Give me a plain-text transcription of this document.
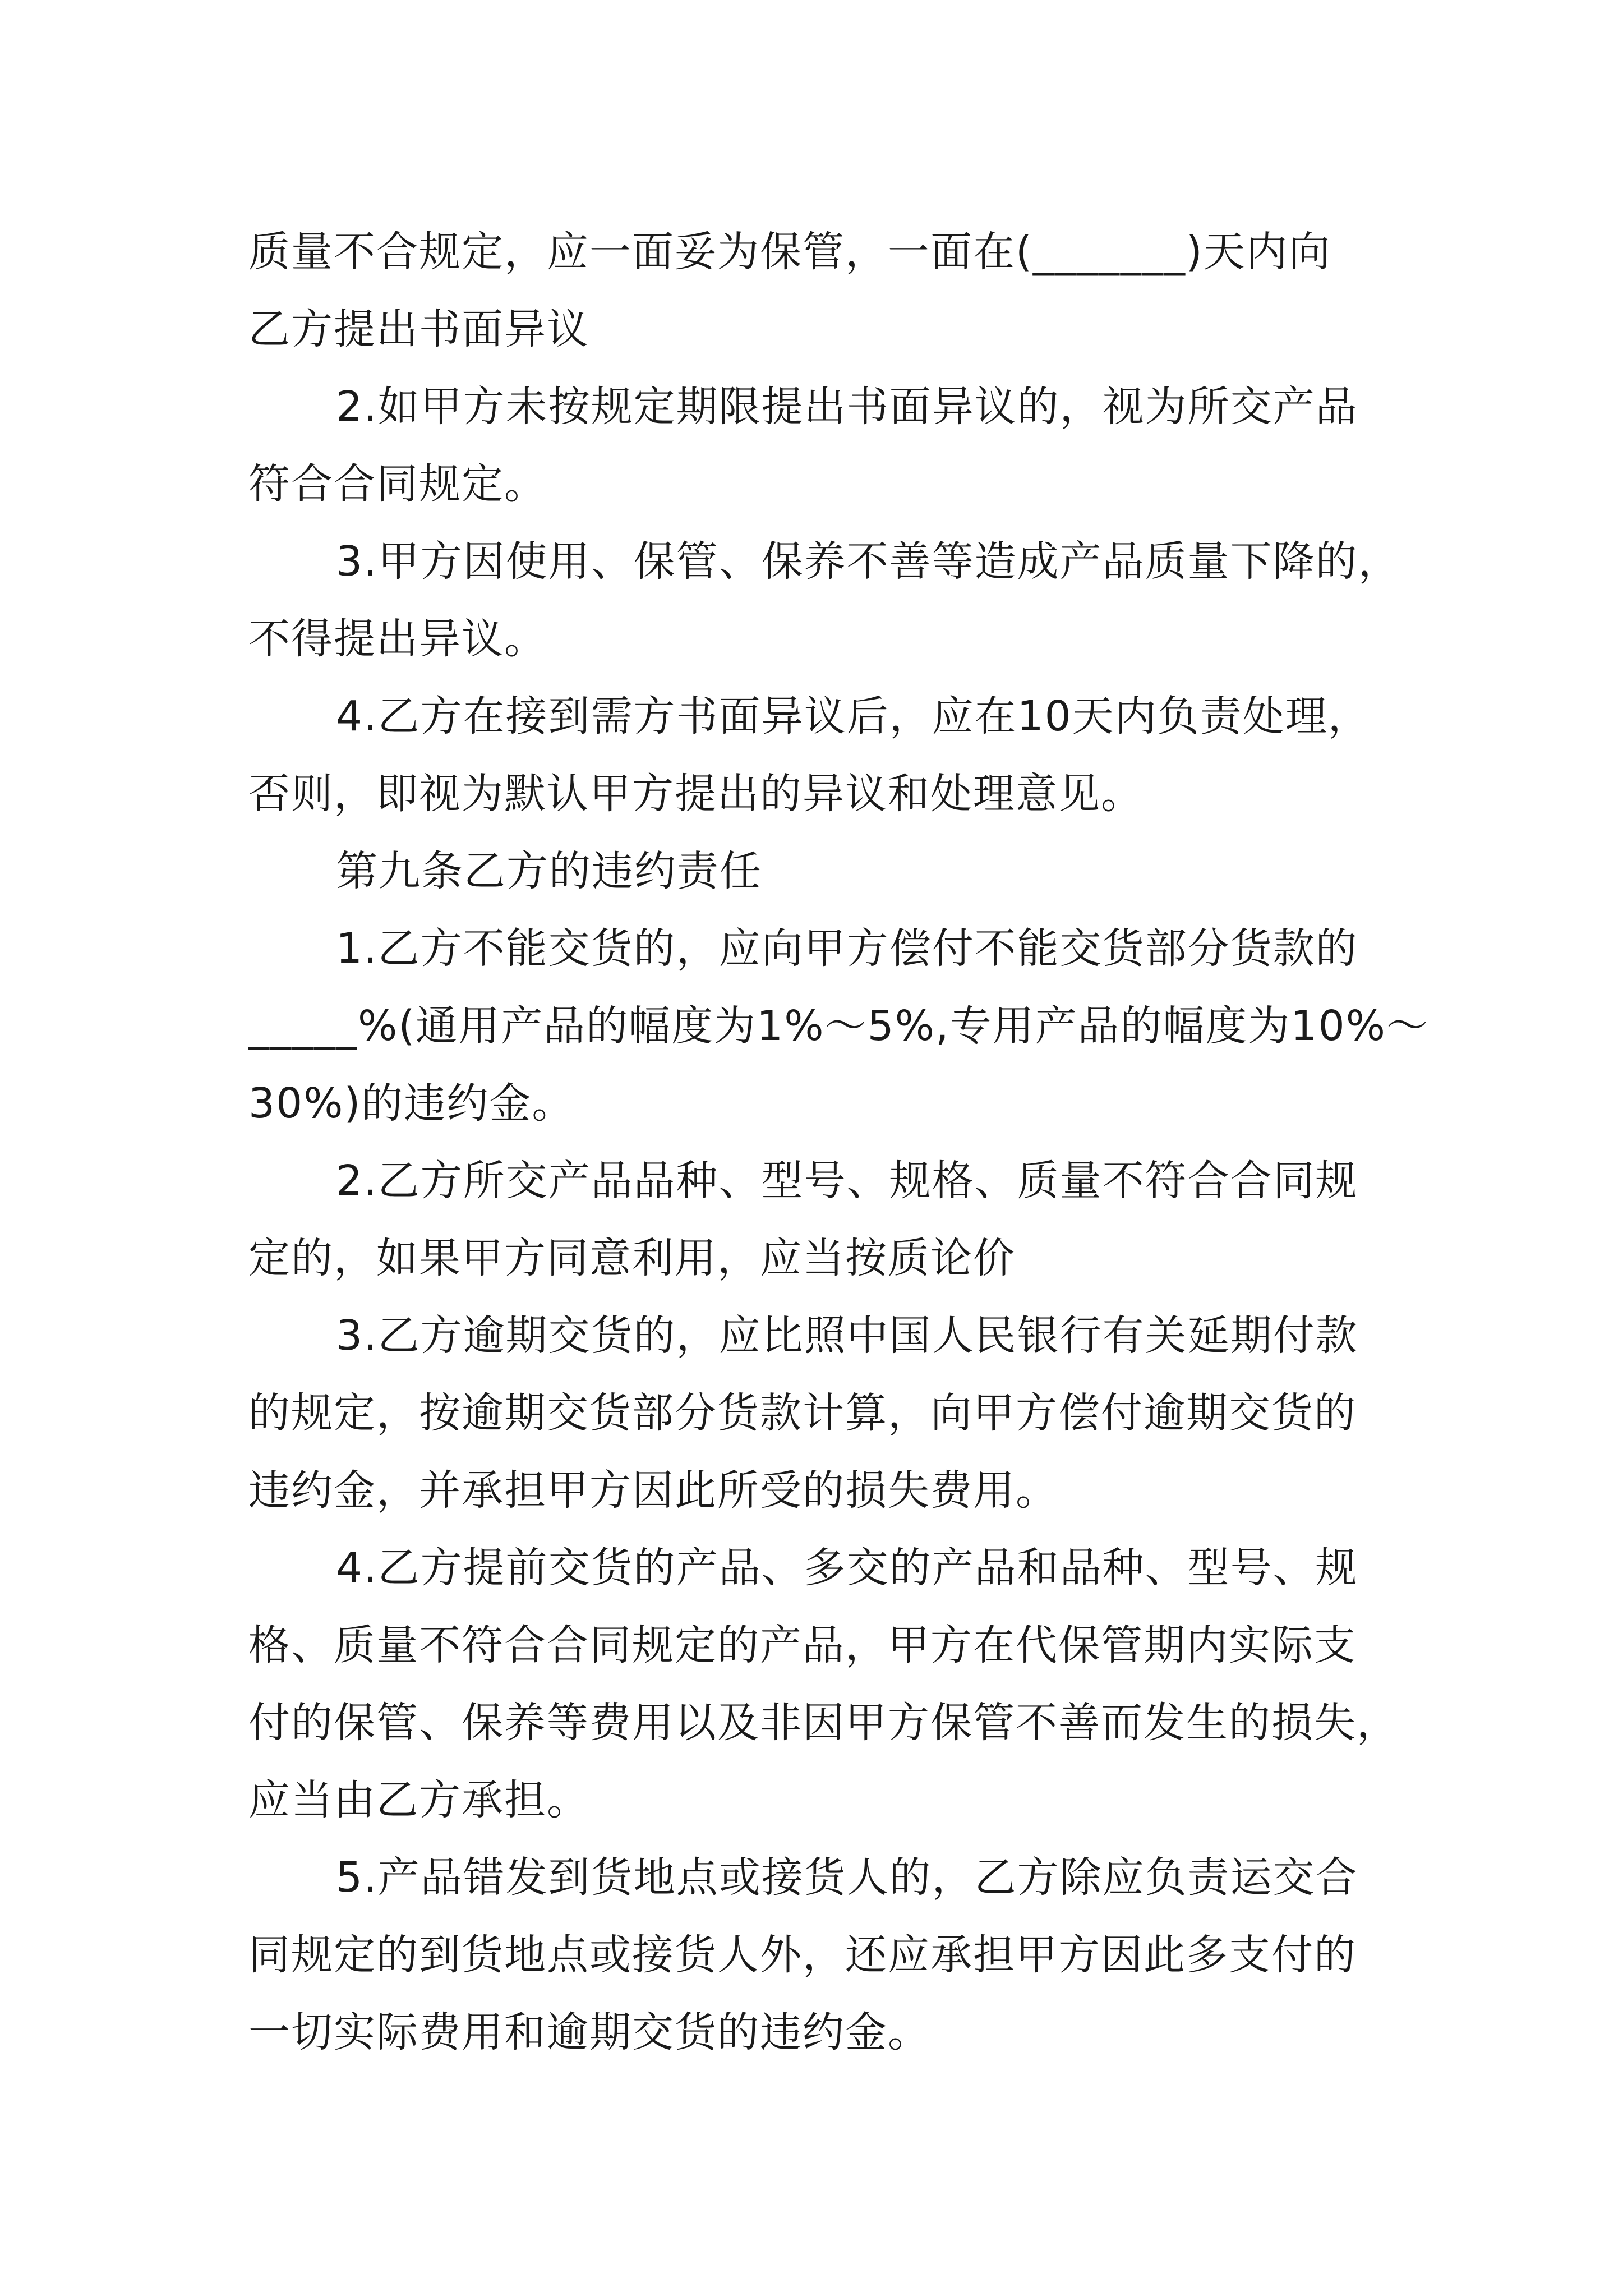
质量不合规定，应一面妥为保管，一面在(_______)天内向
乙方提出书面异议

2.如甲方未按规定期限提出书面异议的，视为所交产品
符合合同规定。

3.甲方因使用、保管、保养不善等造成产品质量下降的，
不得提出异议。

4.乙方在接到需方书面异议后，应在10天内负责处理，
否则，即视为默认甲方提出的异议和处理意见。

第九条乙方的违约责任

1.乙方不能交货的，应向甲方偿付不能交货部分货款的
_____%(通用产品的幅度为1%～5%,专用产品的幅度为10%～
30%)的违约金。

2.乙方所交产品品种、型号、规格、质量不符合合同规
定的，如果甲方同意利用，应当按质论价

3.乙方逾期交货的，应比照中国人民银行有关延期付款
的规定，按逾期交货部分货款计算，向甲方偿付逾期交货的
违约金，并承担甲方因此所受的损失费用。

4.乙方提前交货的产品、多交的产品和品种、型号、规
格、质量不符合合同规定的产品，甲方在代保管期内实际支
付的保管、保养等费用以及非因甲方保管不善而发生的损失，
应当由乙方承担。

5.产品错发到货地点或接货人的，乙方除应负责运交合
同规定的到货地点或接货人外，还应承担甲方因此多支付的
一切实际费用和逾期交货的违约金。
